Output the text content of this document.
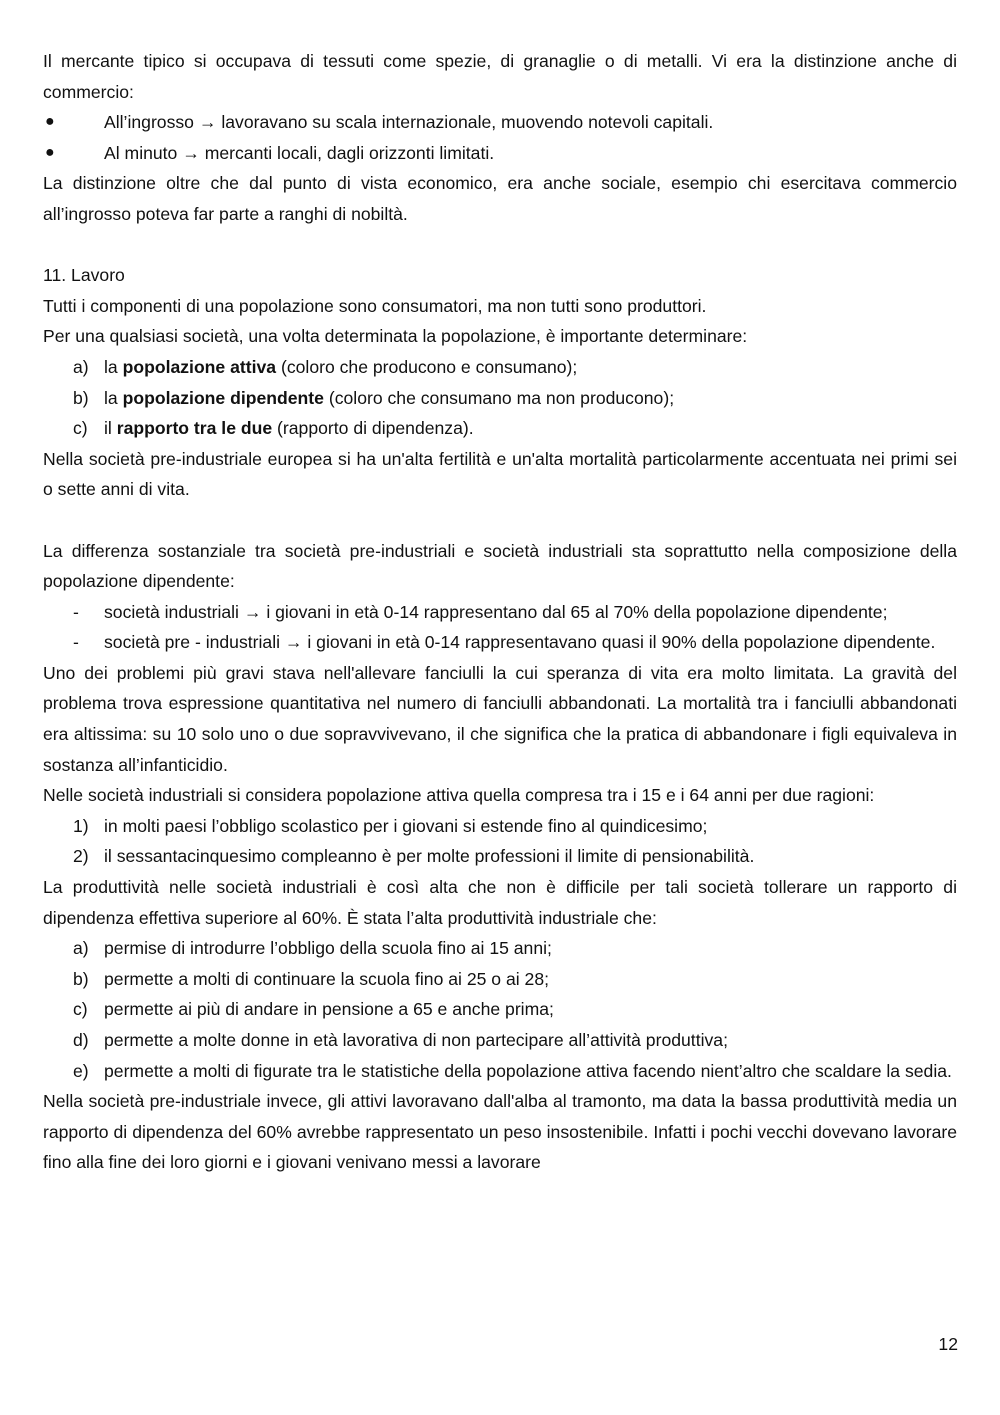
Il mercante tipico si occupava di tessuti come spezie, di granaglie o di metalli. Vi era la distinzione anche di commercio:

●	All’ingrosso → lavoravano su scala internazionale, muovendo notevoli capitali.
●	Al minuto → mercanti locali, dagli orizzonti limitati.

La distinzione oltre che dal punto di vista economico, era anche sociale, esempio chi esercitava commercio all’ingrosso poteva far parte a ranghi di nobiltà.

11. Lavoro

Tutti i componenti di una popolazione sono consumatori, ma non tutti sono produttori.

Per una qualsiasi società, una volta determinata la popolazione, è importante determinare:

a) la popolazione attiva (coloro che producono e consumano);
b) la popolazione dipendente (coloro che consumano ma non producono);
c) il rapporto tra le due (rapporto di dipendenza).

Nella società pre-industriale europea si ha un'alta fertilità e un'alta mortalità particolarmente accentuata nei primi sei o sette anni di vita.

La differenza sostanziale tra società pre-industriali e società industriali sta soprattutto nella composizione della popolazione dipendente:

-	società industriali → i giovani in età 0-14 rappresentano dal 65 al 70% della popolazione dipendente;
-	società pre - industriali → i giovani in età 0-14 rappresentavano quasi il 90% della popolazione dipendente.

Uno dei problemi più gravi stava nell'allevare fanciulli la cui speranza di vita era molto limitata. La gravità del problema trova espressione quantitativa nel numero di fanciulli abbandonati. La mortalità tra i fanciulli abbandonati era altissima: su 10 solo uno o due sopravvivevano, il che significa che la pratica di abbandonare i figli equivaleva in sostanza all’infanticidio.

Nelle società industriali si considera popolazione attiva quella compresa tra i 15 e i 64 anni per due ragioni:

1) in molti paesi l’obbligo scolastico per i giovani si estende fino al quindicesimo;
2) il sessantacinquesimo compleanno è per molte professioni il limite di pensionabilità.

La produttività nelle società industriali è così alta che non è difficile per tali società tollerare un rapporto di dipendenza effettiva superiore al 60%. È stata l’alta produttività industriale che:

a) permise di introdurre l’obbligo della scuola fino ai 15 anni;
b) permette a molti di continuare la scuola fino ai 25 o ai 28;
c) permette ai più di andare in pensione a 65 e anche prima;
d) permette a molte donne in età lavorativa di non partecipare all’attività produttiva;
e) permette a molti di figurate tra le statistiche della popolazione attiva facendo nient’altro che scaldare la sedia.

Nella società pre-industriale invece, gli attivi lavoravano dall'alba al tramonto, ma data la bassa produttività media un rapporto di dipendenza del 60% avrebbe rappresentato un peso insostenibile. Infatti i pochi vecchi dovevano lavorare fino alla fine dei loro giorni e i giovani venivano messi a lavorare

12
